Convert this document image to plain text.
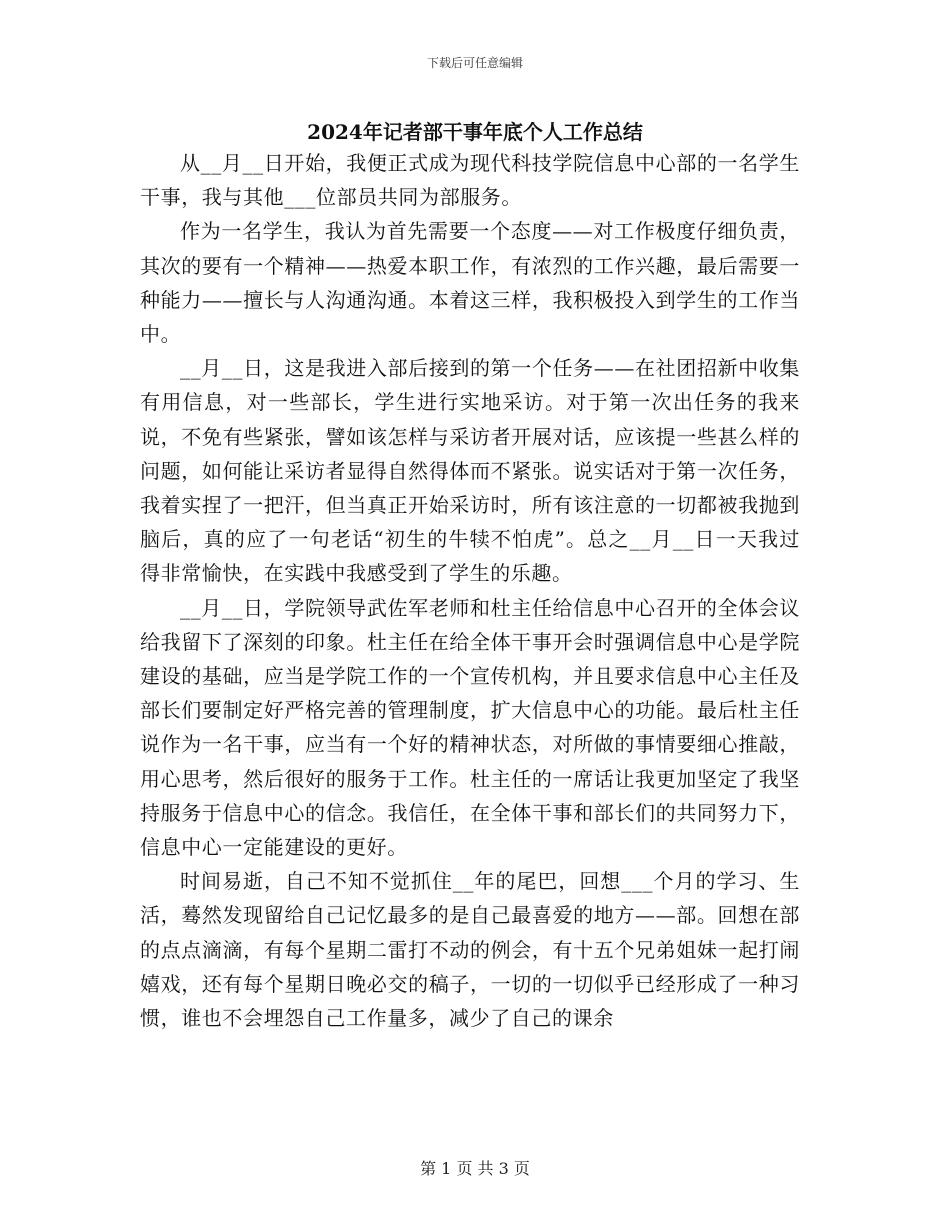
下载后可任意编辑
2024年记者部干事年底个人工作总结

从__月__日开始，我便正式成为现代科技学院信息中心部的一名学生干事，我与其他___位部员共同为部服务。

作为一名学生，我认为首先需要一个态度——对工作极度仔细负责，其次的要有一个精神——热爱本职工作，有浓烈的工作兴趣，最后需要一种能力——擅长与人沟通沟通。本着这三样，我积极投入到学生的工作当中。

__月__日，这是我进入部后接到的第一个任务——在社团招新中收集有用信息，对一些部长，学生进行实地采访。对于第一次出任务的我来说，不免有些紧张，譬如该怎样与采访者开展对话，应该提一些甚么样的问题，如何能让采访者显得自然得体而不紧张。说实话对于第一次任务，我着实捏了一把汗，但当真正开始采访时，所有该注意的一切都被我抛到脑后，真的应了一句老话“初生的牛犊不怕虎”。总之__月__日一天我过得非常愉快，在实践中我感受到了学生的乐趣。

__月__日，学院领导武佐军老师和杜主任给信息中心召开的全体会议给我留下了深刻的印象。杜主任在给全体干事开会时强调信息中心是学院建设的基础，应当是学院工作的一个宣传机构，并且要求信息中心主任及部长们要制定好严格完善的管理制度，扩大信息中心的功能。最后杜主任说作为一名干事，应当有一个好的精神状态，对所做的事情要细心推敲，用心思考，然后很好的服务于工作。杜主任的一席话让我更加坚定了我坚持服务于信息中心的信念。我信任，在全体干事和部长们的共同努力下，信息中心一定能建设的更好。

时间易逝，自己不知不觉抓住__年的尾巴，回想___个月的学习、生活，蓦然发现留给自己记忆最多的是自己最喜爱的地方——部。回想在部的点点滴滴，有每个星期二雷打不动的例会，有十五个兄弟姐妹一起打闹嬉戏，还有每个星期日晚必交的稿子，一切的一切似乎已经形成了一种习惯，谁也不会埋怨自己工作量多，减少了自己的课余

第 1 页 共 3 页
